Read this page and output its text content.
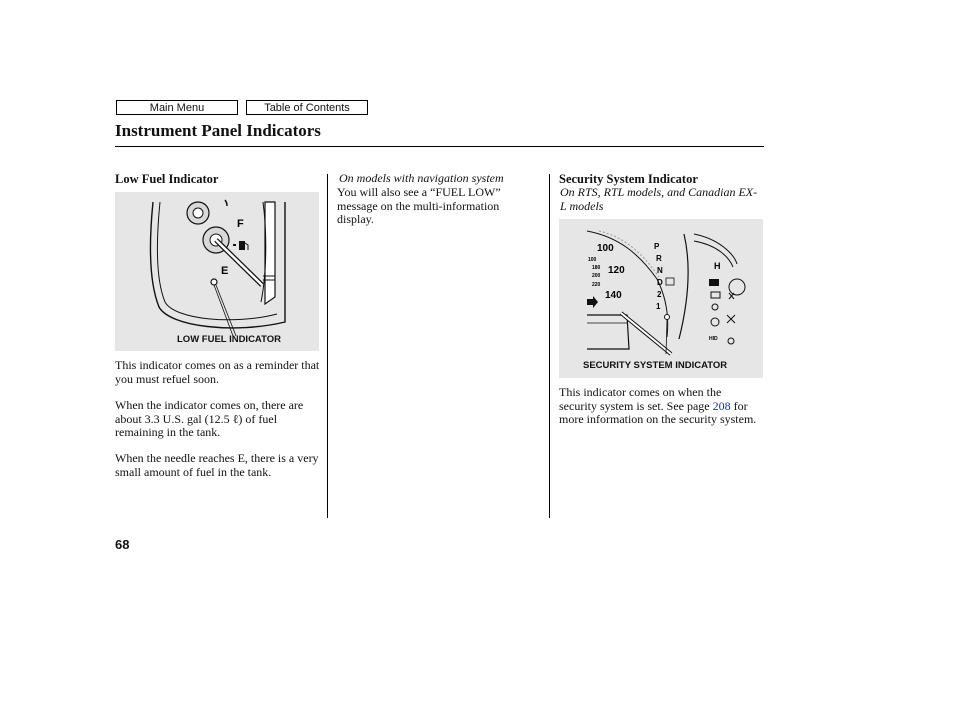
Main Menu	Table of Contents
Instrument Panel Indicators
Low Fuel Indicator
F
E
LOW FUEL INDICATOR
This indicator comes on as a reminder that you must refuel soon.
When the indicator comes on, there are about 3.3 U.S. gal (12.5 ℓ) of fuel remaining in the tank.
When the needle reaches E, there is a very small amount of fuel in the tank.
On models with navigation system
You will also see a “FUEL LOW” message on the multi-information display.
Security System Indicator
On RTS, RTL models, and Canadian EX-L models
100
120
140
100
180
200
220
P
R
N
D
2
1
H
HID
SECURITY SYSTEM INDICATOR
This indicator comes on when the security system is set. See page 208 for more information on the security system.
68
